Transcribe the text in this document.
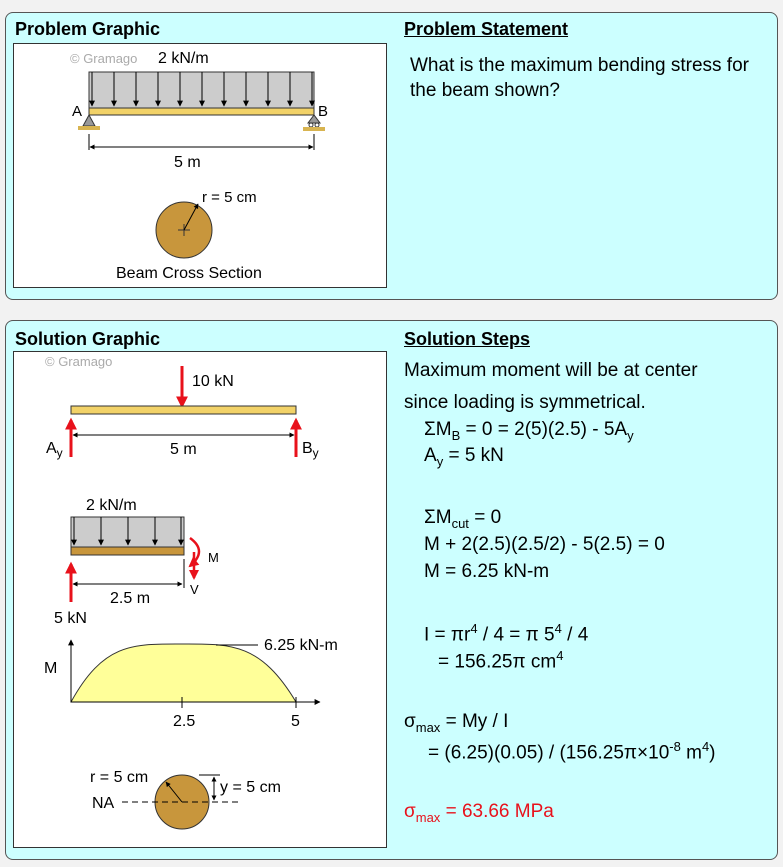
Problem Graphic	Problem Statement
© Gramago 2 kN/m
A	B
5 m
r = 5 cm
Beam Cross Section

What is the maximum bending stress for the beam shown?

Solution Graphic	Solution Steps
© Gramago
10 kN
5 m
$A_y$	$B_y$
2 kN/m
M
V
2.5 m
5 kN
M
6.25 kN-m
2.5	5
r = 5 cm
y = 5 cm
NA
Maximum moment will be at center
since loading is symmetrical.
$\Sigma M_B = 0 = 2(5)(2.5) - 5A_y$
$A_y = 5$ kN
$\Sigma M_{cut} = 0$
M + 2(2.5)(2.5/2) - 5(2.5) = 0
M = 6.25 kN-m
$I = \pi r^4 / 4 = \pi$ $5^4 / 4$
= 156.25π $cm^4$
$\sigma_{max} = My / I$
= $(6.25)(0.05) / (156.25\pi\times 10^{-8}$ $m^4$)
$\sigma_{max} = 63.66$ MPa
